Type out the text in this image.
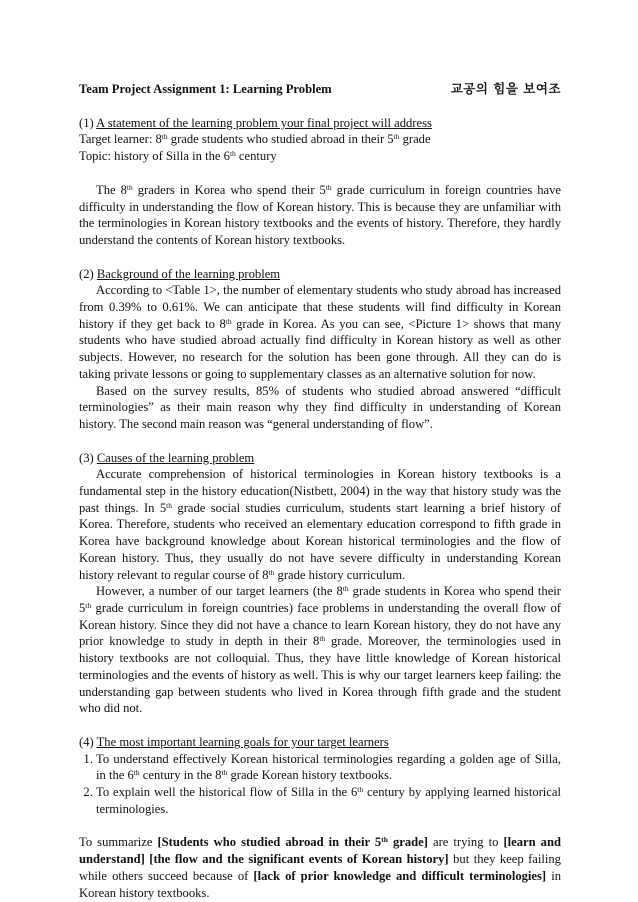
Team Project Assignment 1: Learning Problem	교공의 힘을 보여조

(1) A statement of the learning problem your final project will address

Target learner: 8th grade students who studied abroad in their 5th grade

Topic: history of Silla in the 6th century

The 8th graders in Korea who spend their 5th grade curriculum in foreign countries have difficulty in understanding the flow of Korean history. This is because they are unfamiliar with the terminologies in Korean history textbooks and the events of history. Therefore, they hardly understand the contents of Korean history textbooks.

(2) Background of the learning problem

According to <Table 1>, the number of elementary students who study abroad has increased from 0.39% to 0.61%. We can anticipate that these students will find difficulty in Korean history if they get back to 8th grade in Korea. As you can see, <Picture 1> shows that many students who have studied abroad actually find difficulty in Korean history as well as other subjects. However, no research for the solution has been gone through. All they can do is taking private lessons or going to supplementary classes as an alternative solution for now.

Based on the survey results, 85% of students who studied abroad answered “difficult terminologies” as their main reason why they find difficulty in understanding of Korean history. The second main reason was “general understanding of flow”.

(3) Causes of the learning problem

Accurate comprehension of historical terminologies in Korean history textbooks is a fundamental step in the history education(Nistbett, 2004) in the way that history study was the past things. In 5th grade social studies curriculum, students start learning a brief history of Korea. Therefore, students who received an elementary education correspond to fifth grade in Korea have background knowledge about Korean historical terminologies and the flow of Korean history. Thus, they usually do not have severe difficulty in understanding Korean history relevant to regular course of 8th grade history curriculum.

However, a number of our target learners (the 8th grade students in Korea who spend their 5th grade curriculum in foreign countries) face problems in understanding the overall flow of Korean history. Since they did not have a chance to learn Korean history, they do not have any prior knowledge to study in depth in their 8th grade. Moreover, the terminologies used in history textbooks are not colloquial. Thus, they have little knowledge of Korean historical terminologies and the events of history as well. This is why our target learners keep failing: the understanding gap between students who lived in Korea through fifth grade and the student who did not.

(4) The most important learning goals for your target learners

1. To understand effectively Korean historical terminologies regarding a golden age of Silla, in the 6th century in the 8th grade Korean history textbooks.
2. To explain well the historical flow of Silla in the 6th century by applying learned historical terminologies.

To summarize [Students who studied abroad in their 5th grade] are trying to [learn and understand] [the flow and the significant events of Korean history] but they keep failing while others succeed because of [lack of prior knowledge and difficult terminologies] in Korean history textbooks.
